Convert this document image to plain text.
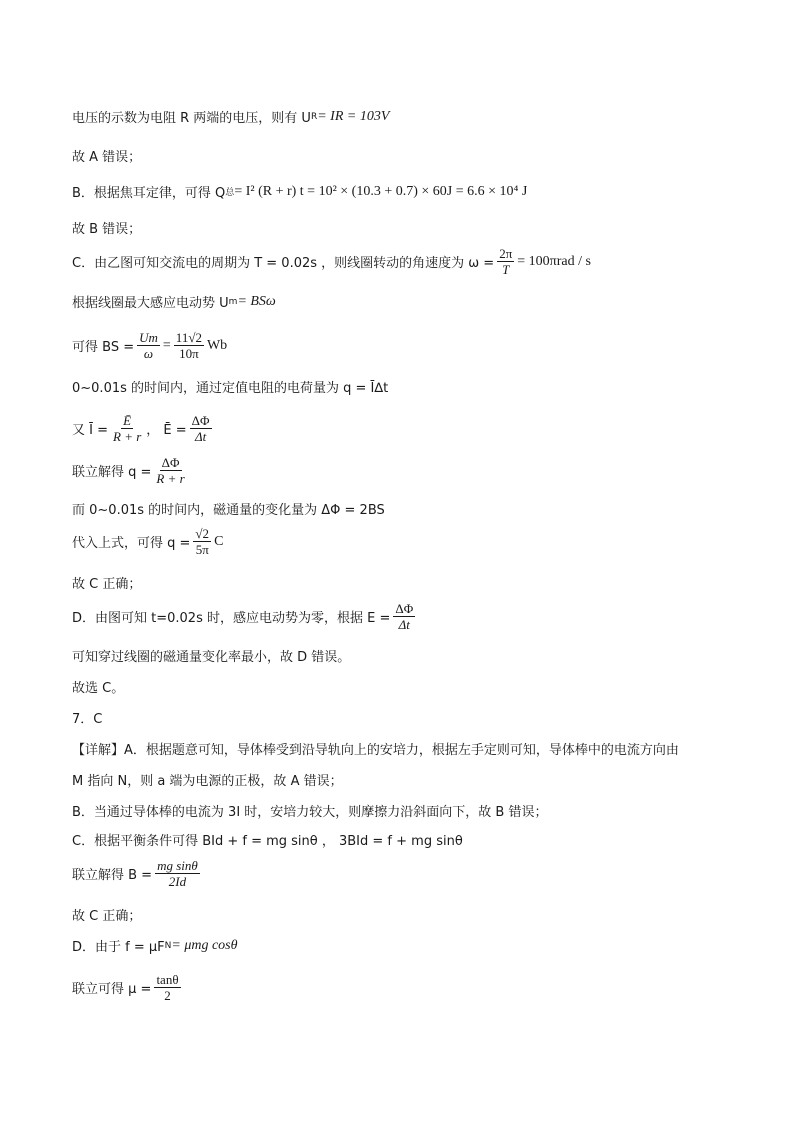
电压的示数为电阻 R 两端的电压，则有 U R = IR = 103V
故 A 错误；
B．根据焦耳定律，可得 Q 总 = I² (R + r) t = 10² × (10.3 + 0.7) × 60J = 6.6 × 10⁴ J
故 B 错误；
C．由乙图可知交流电的周期为 T = 0.02s ，则线圈转动的角速度为 $\omega = \frac{2\pi}{T} = 100\pi rad / s$
根据线圈最大感应电动势 U m = BSω
可得 BS = $\frac{Um}{\omega} = \frac{11√2}{10\pi}$ Wb
0~0.01s 的时间内，通过定值电阻的电荷量为 q = Ī∆t
又 Ī = $\frac{Ē}{R + r}$ ， Ē = $\frac{\Delta\Phi}{\Delta t}$
联立解得 $q = \frac{\Delta\Phi}{R + r}$
而 0~0.01s 的时间内，磁通量的变化量为 ΔΦ = 2BS
代入上式，可得 $q = \frac{√2}{5\pi}$ C
故 C 正确；
D．由图可知 t=0.02s 时，感应电动势为零，根据 $E = \frac{\Delta\Phi}{\Delta t}$
可知穿过线圈的磁通量变化率最小，故 D 错误。
故选 C。
7．C
【详解】A．根据题意可知，导体棒受到沿导轨向上的安培力，根据左手定则可知，导体棒中的电流方向由
M 指向 N，则 a 端为电源的正极，故 A 错误；
B．当通过导体棒的电流为 3I 时，安培力较大，则摩擦力沿斜面向下，故 B 错误；
C．根据平衡条件可得 BId + f = mg sinθ ， 3BId = f + mg sinθ
联立解得 $B = \frac{\text{mg sinθ}}{2Id}$
故 C 正确；
D．由于 f = μF N = μmg cosθ
联立可得 $\mu = \frac{\tan\theta}{2}$
